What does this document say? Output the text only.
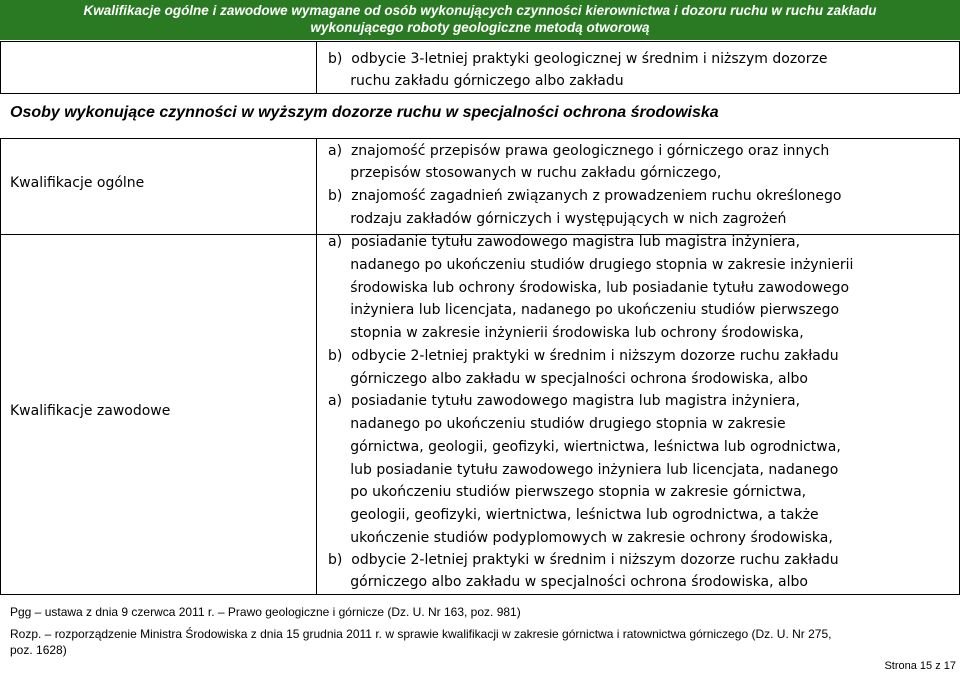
Kwalifikacje ogólne i zawodowe wymagane od osób wykonujących czynności kierownictwa i dozoru ruchu w ruchu zakładu
wykonującego roboty geologiczne metodą otworową
b)  odbycie 3-letniej praktyki geologicznej w średnim i niższym dozorze
ruchu zakładu górniczego albo zakładu
Osoby wykonujące czynności w wyższym dozorze ruchu w specjalności ochrona środowiska
Kwalifikacje ogólne
Kwalifikacje zawodowe
a)  znajomość przepisów prawa geologicznego i górniczego oraz innych
przepisów stosowanych w ruchu zakładu górniczego,
b)  znajomość zagadnień związanych z prowadzeniem ruchu określonego
rodzaju zakładów górniczych i występujących w nich zagrożeń
a)  posiadanie tytułu zawodowego magistra lub magistra inżyniera,
nadanego po ukończeniu studiów drugiego stopnia w zakresie inżynierii
środowiska lub ochrony środowiska, lub posiadanie tytułu zawodowego
inżyniera lub licencjata, nadanego po ukończeniu studiów pierwszego
stopnia w zakresie inżynierii środowiska lub ochrony środowiska,
b)  odbycie 2-letniej praktyki w średnim i niższym dozorze ruchu zakładu
górniczego albo zakładu w specjalności ochrona środowiska, albo
a)  posiadanie tytułu zawodowego magistra lub magistra inżyniera,
nadanego po ukończeniu studiów drugiego stopnia w zakresie
górnictwa, geologii, geofizyki, wiertnictwa, leśnictwa lub ogrodnictwa,
lub posiadanie tytułu zawodowego inżyniera lub licencjata, nadanego
po ukończeniu studiów pierwszego stopnia w zakresie górnictwa,
geologii, geofizyki, wiertnictwa, leśnictwa lub ogrodnictwa, a także
ukończenie studiów podyplomowych w zakresie ochrony środowiska,
b)  odbycie 2-letniej praktyki w średnim i niższym dozorze ruchu zakładu
górniczego albo zakładu w specjalności ochrona środowiska, albo
Pgg – ustawa z dnia 9 czerwca 2011 r. – Prawo geologiczne i górnicze (Dz. U. Nr 163, poz. 981)
Rozp. – rozporządzenie Ministra Środowiska z dnia 15 grudnia 2011 r. w sprawie kwalifikacji w zakresie górnictwa i ratownictwa górniczego (Dz. U. Nr 275,
poz. 1628)
Strona 15 z 17
